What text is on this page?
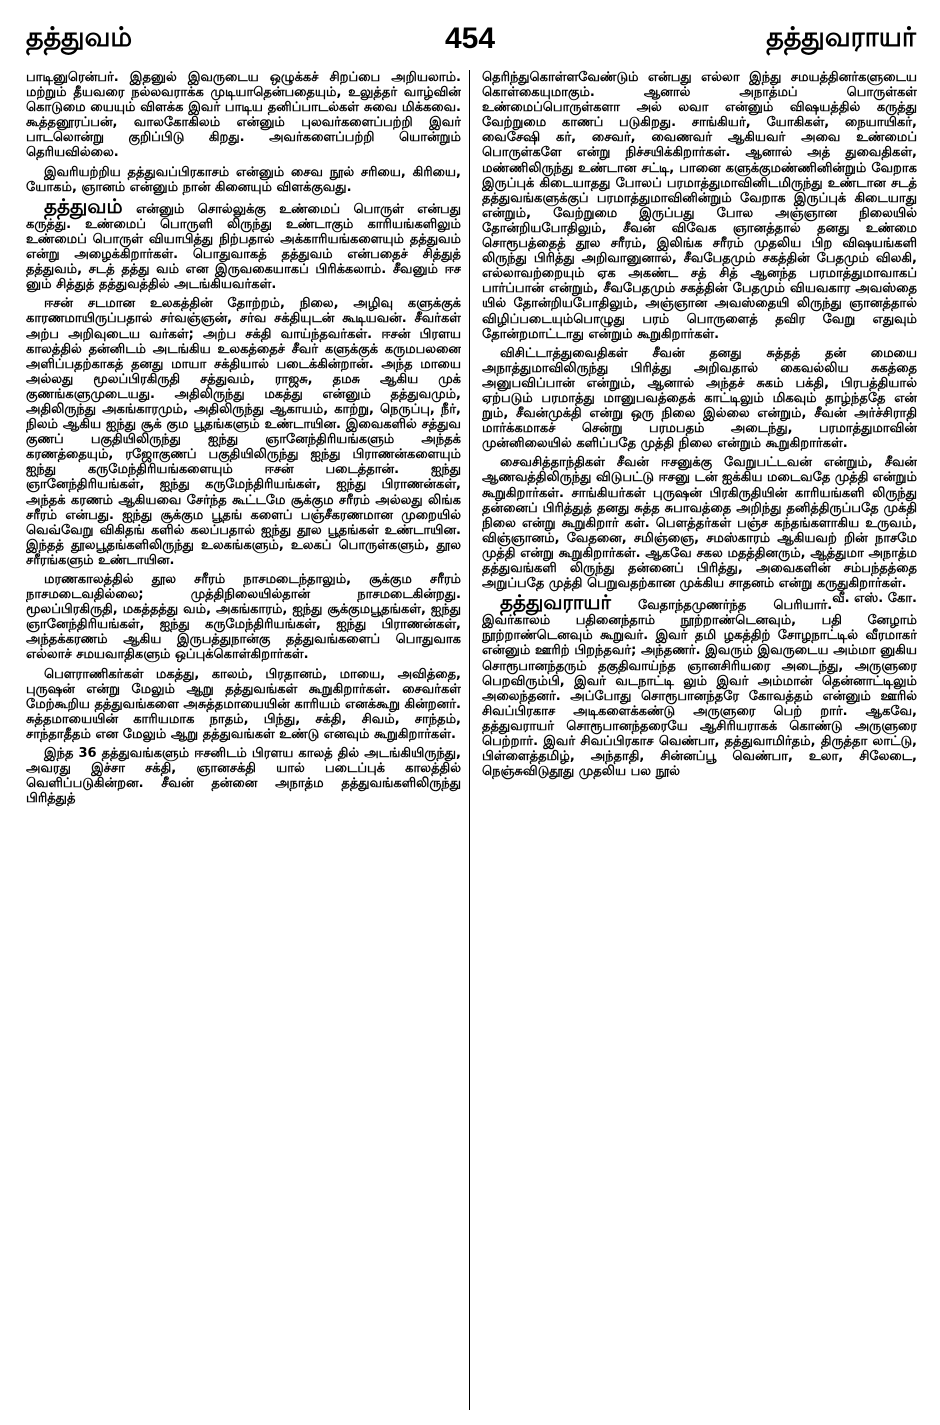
தத்துவம்	454	தத்துவராயர்

பாடினுரென்பர். இதனுல் இவருடைய ஒழுக்கச் சிறப்பை அறியலாம். மற்றும் தீயவரை நல்லவராக்க முடியாதென்பதையும், உலுத்தர் வாழ்வின் கொடுமை யையும் விளக்க இவர் பாடிய தனிப்பாடல்கள் சுவை மிக்கவை. கூத்தனூரப்பன், வாலகோகிலம் என்னும் புலவர்களைப்பற்றி இவர் பாடலொன்று குறிப்பிடு கிறது. அவர்களைப்பற்றி யொன்றும் தெரியவில்லை.

இவரியற்றிய தத்துவப்பிரகாசம் என்னும் சைவ நூல் சரியை, கிரியை, யோகம், ஞானம் என்னும் நான் கினையும் விளக்குவது.

தத்துவம் என்னும் சொல்லுக்கு உண்மைப் பொருள் என்பது கருத்து. உண்மைப் பொருளி லிருந்து உண்டாகும் காரியங்களிலும் உண்மைப் பொருள் வியாபித்து நிற்பதால் அக்காரியங்களையும் தத்துவம் என்று அழைக்கிறார்கள். பொதுவாகத் தத்துவம் என்பதைச் சித்துத் தத்துவம், சடத் தத்து வம் என இருவகையாகப் பிரிக்கலாம். சீவனும் ஈச னும் சித்துத் தத்துவத்தில் அடங்கியவர்கள்.

ஈசன் சடமான உலகத்தின் தோற்றம், நிலை, அழிவு களுக்குக் காரணமாயிருப்பதால் சர்வஞ்ஞன், சர்வ சக்தியுடன் கூடியவன். சீவர்கள் அற்ப அறிவுடைய வர்கள்; அற்ப சக்தி வாய்ந்தவர்கள். ஈசன் பிரளய காலத்தில் தன்னிடம் அடங்கிய உலகத்தைச் சீவர் களுக்குக் கருமபலனை அளிப்பதற்காகத் தனது மாயா சக்தியால் படைக்கின்றான். அந்த மாயை அல்லது மூலப்பிரகிருதி சத்துவம், ராஜசு, தமசு ஆகிய முக் குணங்களுமுடையது. அதிலிருந்து மகத்து என்னும் தத்துவமும், அதிலிருந்து அகங்காரமும், அதிலிருந்து ஆகாயம், காற்று, நெருப்பு, நீர், நிலம் ஆகிய ஐந்து சூக் கும பூதங்களும் உண்டாயின. இவைகளில் சத்துவ குணப் பகுதியிலிருந்து ஐந்து ஞானேந்திரியங்களும் அந்தக் கரணத்தையும், ரஜோகுணப் பகுதியிலிருந்து ஐந்து பிராணன்களையும் ஐந்து கருமேந்திரியங்களையும் ஈசன் படைத்தான். ஐந்து ஞானேந்திரியங்கள், ஐந்து கருமேந்திரியங்கள், ஐந்து பிராணன்கள், அந்தக் கரணம் ஆகியவை சேர்ந்த கூட்டமே சூக்கும சரீரம் அல்லது லிங்க சரீரம் என்பது. ஐந்து சூக்கும பூதங் களைப் பஞ்சீகரணமான முறையில் வெவ்வேறு விகிதங் களில் கலப்பதால் ஐந்து தூல பூதங்கள் உண்டாயின. இந்தத் தூலபூதங்களிலிருந்து உலகங்களும், உலகப் பொருள்களும், தூல சரீரங்களும் உண்டாயின.

மரணகாலத்தில் தூல சரீரம் நாசமடைந்தாலும், சூக்கும சரீரம் நாசமடைவதில்லை; முத்திநிலையில்தான் நாசமடைகின்றது. மூலப்பிரகிருதி, மகத்தத்து வம், அகங்காரம், ஐந்து சூக்குமபூதங்கள், ஐந்து ஞானேந்திரியங்கள், ஐந்து கருமேந்திரியங்கள், ஐந்து பிராணன்கள், அந்தக்கரணம் ஆகிய இருபத்துநான்கு தத்துவங்களைப் பொதுவாக எல்லாச் சமயவாதிகளும் ஒப்புக்கொள்கிறார்கள்.

பௌராணிகர்கள் மகத்து, காலம், பிரதானம், மாயை, அவித்தை, புருஷன் என்று மேலும் ஆறு தத்துவங்கள் கூறுகிறார்கள். சைவர்கள் மேற்கூறிய தத்துவங்களை அசுத்தமாயையின் காரியம் எனக்கூறு கின்றனர். சுத்தமாயையின் காரியமாக நாதம், பிந்து, சக்தி, சிவம், சாந்தம், சாந்தாதீதம் என மேலும் ஆறு தத்துவங்கள் உண்டு எனவும் கூறுகிறார்கள்.

இந்த 36 தத்துவங்களும் ஈசனிடம் பிரளய காலத் தில் அடங்கியிருந்து, அவரது இச்சா சக்தி, ஞானசக்தி யால் படைப்புக் காலத்தில் வெளிப்படுகின்றன. சீவன் தன்னை அநாத்ம தத்துவங்களிலிருந்து பிரித்துத்

தெரிந்துகொள்ளவேண்டும் என்பது எல்லா இந்து சமயத்தினர்களுடைய கொள்கையுமாகும். ஆனால் அநாத்மப் பொருள்கள் உண்மைப்பொருள்களா அல் லவா என்னும் விஷயத்தில் கருத்து வேற்றுமை காணப் படுகிறது. சாங்கியர், யோகிகள், நையாயிகர், வைசேஷி கர், சைவர், வைணவர் ஆகியவர் அவை உண்மைப் பொருள்களே என்று நிச்சயிக்கிறார்கள். ஆனால் அத் துவைதிகள், மண்ணிலிருந்து உண்டான சட்டி, பானை களுக்குமண்ணினின்றும் வேறாக இருப்புக் கிடையாதது போலப் பரமாத்துமாவினிடமிருந்து உண்டான சடத் தத்துவங்களுக்குப் பரமாத்துமாவினின்றும் வேறாக இருப்புக் கிடையாது என்றும், வேற்றுமை இருப்பது போல அஞ்ஞான நிலையில் தோன்றியபோதிலும், சீவன் விவேக ஞானத்தால் தனது உண்மை சொரூபத்தைத் தூல சரீரம், இலிங்க சரீரம் முதலிய பிற விஷயங்களி லிருந்து பிரித்து அறிவானுனால், சீவபேதமும் சகத்தின் பேதமும் விலகி, எல்லாவற்றையும் ஏக அகண்ட சத் சித் ஆனந்த பரமாத்துமாவாகப் பார்ப்பான் என்றும், சீவபேதமும் சகத்தின் பேதமும் வியவகார அவஸ்தை யில் தோன்றியபோதிலும், அஞ்ஞான அவஸ்தையி லிருந்து ஞானத்தால் விழிப்படையும்பொழுது பரம் பொருளைத் தவிர வேறு எதுவும் தோன்றமாட்டாது என்றும் கூறுகிறார்கள்.

விசிட்டாத்துவைதிகள் சீவன் தனது சுத்தத் தன் மையை அநாத்துமாவிலிருந்து பிரித்து அறிவதால் கைவல்லிய சுகத்தை அனுபவிப்பான் என்றும், ஆனால் அந்தச் சுகம் பக்தி, பிரபத்தியால் ஏற்படும் பரமாத்து மானுபவத்தைக் காட்டிலும் மிகவும் தாழ்ந்ததே என் றும், சீவன்முக்தி என்று ஒரு நிலை இல்லை என்றும், சீவன் அர்ச்சிராதி மார்க்கமாகச் சென்று பரமபதம் அடைந்து, பரமாத்துமாவின் முன்னிலையில் களிப்பதே முத்தி நிலை என்றும் கூறுகிறார்கள்.

சைவசித்தாந்திகள் சீவன் ஈசனுக்கு வேறுபட்டவன் என்றும், சீவன் ஆணவத்திலிருந்து விடுபட்டு ஈசனு டன் ஐக்கிய மடைவதே முத்தி என்றும் கூறுகிறார்கள். சாங்கியர்கள் புருஷன் பிரகிருதியின் காரியங்களி லிருந்து தன்னைப் பிரித்துத் தனது சுத்த சுபாவத்தை அறிந்து தனித்திருப்பதே முக்தி நிலை என்று கூறுகிறார் கள். பௌத்தர்கள் பஞ்ச கந்தங்களாகிய உருவம், விஞ்ஞானம், வேதனை, சமிஞ்ஞை, சமஸ்காரம் ஆகியவற் றின் நாசமே முத்தி என்று கூறுகிறார்கள். ஆகவே சகல மதத்தினரும், ஆத்துமா அநாத்ம தத்துவங்களி லிருந்து தன்னைப் பிரித்து, அவைகளின் சம்பந்தத்தை அறுப்பதே முத்தி பெறுவதற்கான முக்கிய சாதனம் என்று கருதுகிறார்கள்.
வீ. எஸ். கோ.

தத்துவராயர் வேதாந்தமுணர்ந்த பெரியார். இவர்காலம் பதினைந்தாம் நூற்றாண்டெனவும், பதி னேழாம் நூற்றாண்டெனவும் கூறுவர். இவர் தமி ழகத்திற் சோழநாட்டில் வீரமாகர் என்னும் ஊரிற் பிறந்தவர்; அந்தணர். இவரும் இவருடைய அம்மா னுகிய சொரூபானந்தரும் தகுதிவாய்ந்த ஞானசிரியரை அடைந்து, அருளுரை பெறவிரும்பி, இவர் வடநாட்டி லும் இவர் அம்மான் தென்னாட்டிலும் அலைந்தனர். அப்போது சொரூபானந்தரே கோவத்தம் என்னும் ஊரில் சிவப்பிரகாச அடிகளைக்கண்டு அருளுரை பெற் றார். ஆகவே, தத்துவராயர் சொரூபானந்தரையே ஆசிரியராகக் கொண்டு அருளுரை பெற்றார். இவர் சிவப்பிரகாச வெண்பா, தத்துவாமிர்தம், திருத்தா லாட்டு, பிள்ளைத்தமிழ், அந்தாதி, சின்னப்பூ வெண்பா, உலா, சிலேடை, நெஞ்சுவிடுதூது முதலிய பல நூல்
